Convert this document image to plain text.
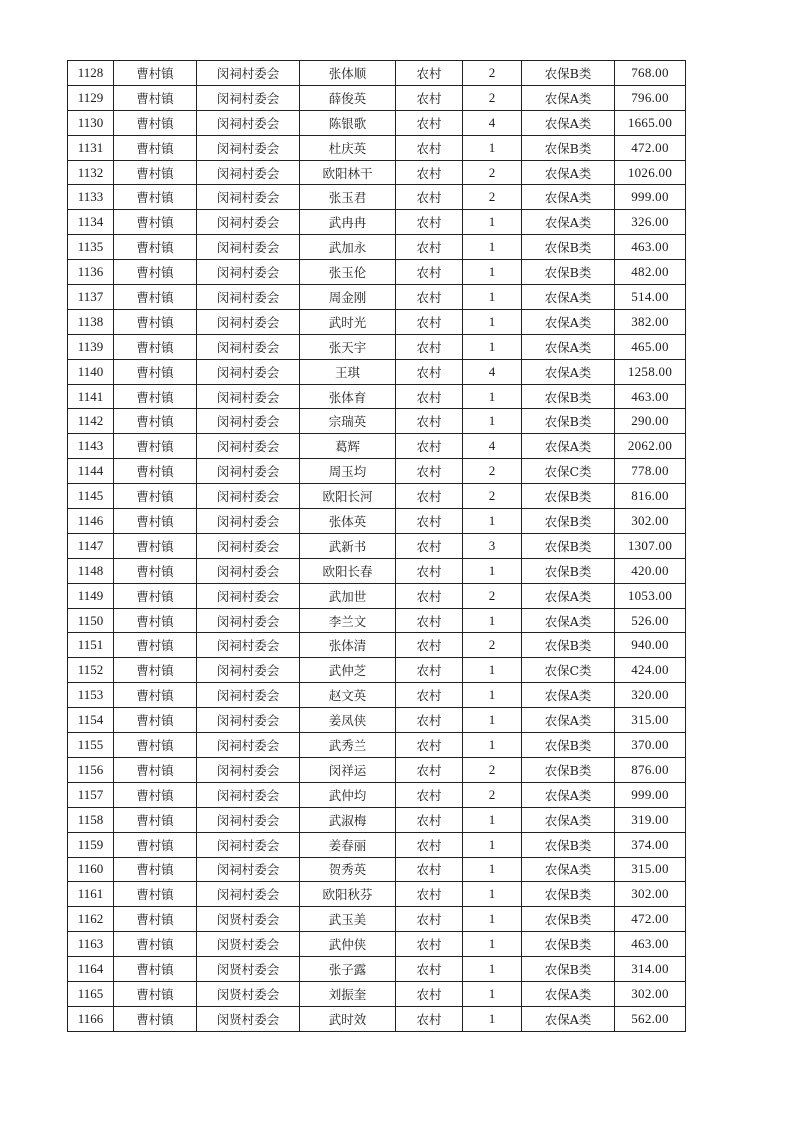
1128	曹村镇	闵祠村委会	张体顺	农村	2	农保B类	768.00
1129	曹村镇	闵祠村委会	薛俊英	农村	2	农保A类	796.00
1130	曹村镇	闵祠村委会	陈银歌	农村	4	农保A类	1665.00
1131	曹村镇	闵祠村委会	杜庆英	农村	1	农保B类	472.00
1132	曹村镇	闵祠村委会	欧阳林干	农村	2	农保A类	1026.00
1133	曹村镇	闵祠村委会	张玉君	农村	2	农保A类	999.00
1134	曹村镇	闵祠村委会	武冉冉	农村	1	农保A类	326.00
1135	曹村镇	闵祠村委会	武加永	农村	1	农保B类	463.00
1136	曹村镇	闵祠村委会	张玉伦	农村	1	农保B类	482.00
1137	曹村镇	闵祠村委会	周金刚	农村	1	农保A类	514.00
1138	曹村镇	闵祠村委会	武时光	农村	1	农保A类	382.00
1139	曹村镇	闵祠村委会	张天宇	农村	1	农保A类	465.00
1140	曹村镇	闵祠村委会	王琪	农村	4	农保A类	1258.00
1141	曹村镇	闵祠村委会	张体育	农村	1	农保B类	463.00
1142	曹村镇	闵祠村委会	宗瑞英	农村	1	农保B类	290.00
1143	曹村镇	闵祠村委会	葛辉	农村	4	农保A类	2062.00
1144	曹村镇	闵祠村委会	周玉均	农村	2	农保C类	778.00
1145	曹村镇	闵祠村委会	欧阳长河	农村	2	农保B类	816.00
1146	曹村镇	闵祠村委会	张体英	农村	1	农保B类	302.00
1147	曹村镇	闵祠村委会	武新书	农村	3	农保B类	1307.00
1148	曹村镇	闵祠村委会	欧阳长春	农村	1	农保B类	420.00
1149	曹村镇	闵祠村委会	武加世	农村	2	农保A类	1053.00
1150	曹村镇	闵祠村委会	李兰文	农村	1	农保A类	526.00
1151	曹村镇	闵祠村委会	张体清	农村	2	农保B类	940.00
1152	曹村镇	闵祠村委会	武仲芝	农村	1	农保C类	424.00
1153	曹村镇	闵祠村委会	赵文英	农村	1	农保A类	320.00
1154	曹村镇	闵祠村委会	姜凤侠	农村	1	农保A类	315.00
1155	曹村镇	闵祠村委会	武秀兰	农村	1	农保B类	370.00
1156	曹村镇	闵祠村委会	闵祥运	农村	2	农保B类	876.00
1157	曹村镇	闵祠村委会	武仲均	农村	2	农保A类	999.00
1158	曹村镇	闵祠村委会	武淑梅	农村	1	农保A类	319.00
1159	曹村镇	闵祠村委会	姜春丽	农村	1	农保B类	374.00
1160	曹村镇	闵祠村委会	贺秀英	农村	1	农保A类	315.00
1161	曹村镇	闵祠村委会	欧阳秋芬	农村	1	农保B类	302.00
1162	曹村镇	闵贤村委会	武玉美	农村	1	农保B类	472.00
1163	曹村镇	闵贤村委会	武仲侠	农村	1	农保B类	463.00
1164	曹村镇	闵贤村委会	张子露	农村	1	农保B类	314.00
1165	曹村镇	闵贤村委会	刘振奎	农村	1	农保A类	302.00
1166	曹村镇	闵贤村委会	武时效	农村	1	农保A类	562.00
